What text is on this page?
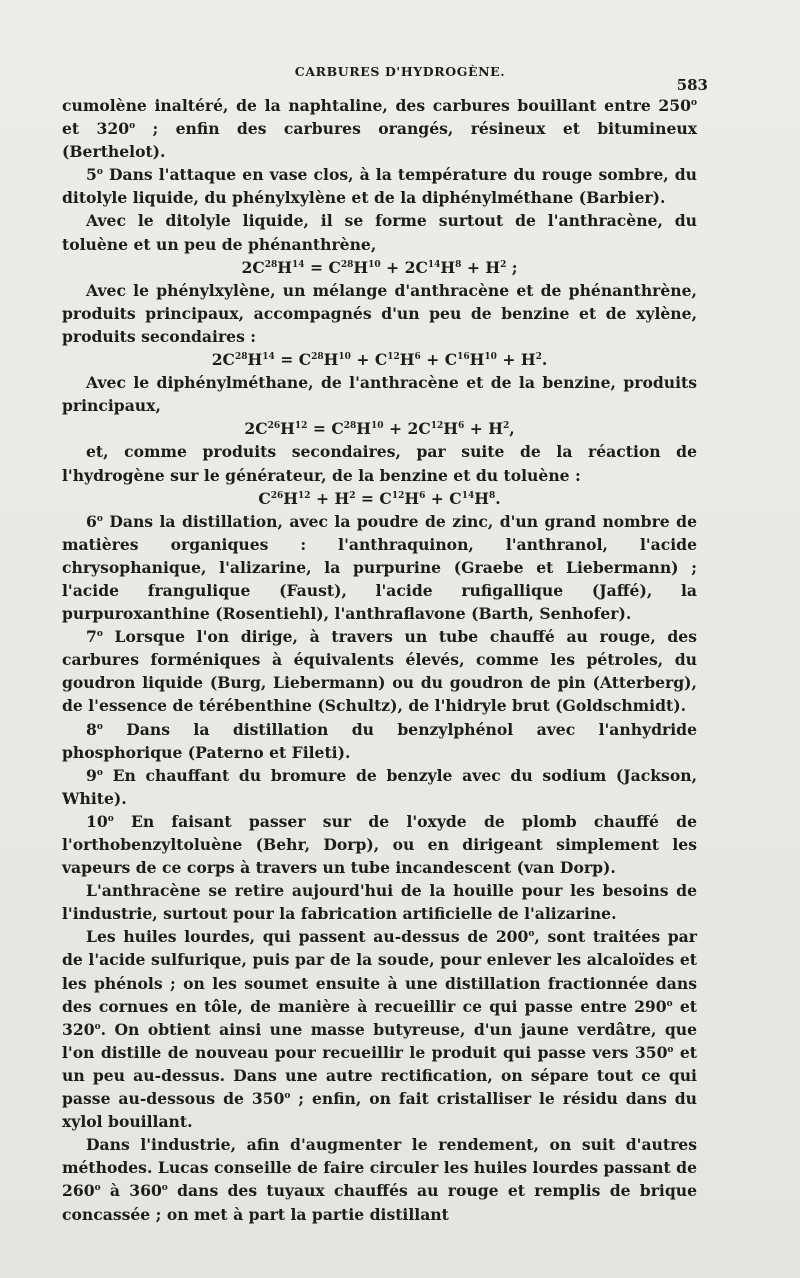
CARBURES D'HYDROGÈNE.
583

cumolène inaltéré, de la naphtaline, des carbures bouillant entre 250$^o$ et 320$^o$ ; enfin des carbures orangés, résineux et bitumineux (Berthelot).

5$^o$ Dans l'attaque en vase clos, à la température du rouge sombre, du ditolyle liquide, du phénylxylène et de la diphénylméthane (Barbier).

Avec le ditolyle liquide, il se forme surtout de l'anthracène, du toluène et un peu de phénanthrène,

$2C^{28}H^{14} = C^{28}H^{10} + 2C^{14}H^8 + H^2$ ;

Avec le phénylxylène, un mélange d'anthracène et de phénanthrène, produits principaux, accompagnés d'un peu de benzine et de xylène, produits secondaires :

$2C^{28}H^{14} = C^{28}H^{10} + C^{12}H^6 + C^{16}H^{10} + H^2$.

Avec le diphénylméthane, de l'anthracène et de la benzine, produits principaux,

$2C^{26}H^{12} = C^{28}H^{10} + 2C^{12}H^6 + H^2$,

et, comme produits secondaires, par suite de la réaction de l'hydrogène sur le générateur, de la benzine et du toluène :

$C^{26}H^{12} + H^2 = C^{12}H^6 + C^{14}H^8$.

6$^o$ Dans la distillation, avec la poudre de zinc, d'un grand nombre de matières organiques : l'anthraquinon, l'anthranol, l'acide chrysophanique, l'alizarine, la purpurine (Graebe et Liebermann) ; l'acide frangulique (Faust), l'acide rufigallique (Jaffé), la purpuroxanthine (Rosentiehl), l'anthraflavone (Barth, Senhofer).

7$^o$ Lorsque l'on dirige, à travers un tube chauffé au rouge, des carbures forméniques à équivalents élevés, comme les pétroles, du goudron liquide (Burg, Liebermann) ou du goudron de pin (Atterberg), de l'essence de térébenthine (Schultz), de l'hidryle brut (Goldschmidt).

8$^o$ Dans la distillation du benzylphénol avec l'anhydride phosphorique (Paterno et Fileti).

9$^o$ En chauffant du bromure de benzyle avec du sodium (Jackson, White).

10$^o$ En faisant passer sur de l'oxyde de plomb chauffé de l'orthobenzyltoluène (Behr, Dorp), ou en dirigeant simplement les vapeurs de ce corps à travers un tube incandescent (van Dorp).

L'anthracène se retire aujourd'hui de la houille pour les besoins de l'industrie, surtout pour la fabrication artificielle de l'alizarine.

Les huiles lourdes, qui passent au-dessus de 200$^o$, sont traitées par de l'acide sulfurique, puis par de la soude, pour enlever les alcaloïdes et les phénols ; on les soumet ensuite à une distillation fractionnée dans des cornues en tôle, de manière à recueillir ce qui passe entre 290$^o$ et 320$^o$. On obtient ainsi une masse butyreuse, d'un jaune verdâtre, que l'on distille de nouveau pour recueillir le produit qui passe vers 350$^o$ et un peu au-dessus. Dans une autre rectification, on sépare tout ce qui passe au-dessous de 350$^o$ ; enfin, on fait cristalliser le résidu dans du xylol bouillant.

Dans l'industrie, afin d'augmenter le rendement, on suit d'autres méthodes. Lucas conseille de faire circuler les huiles lourdes passant de 260$^o$ à 360$^o$ dans des tuyaux chauffés au rouge et remplis de brique concassée ; on met à part la partie distillant
